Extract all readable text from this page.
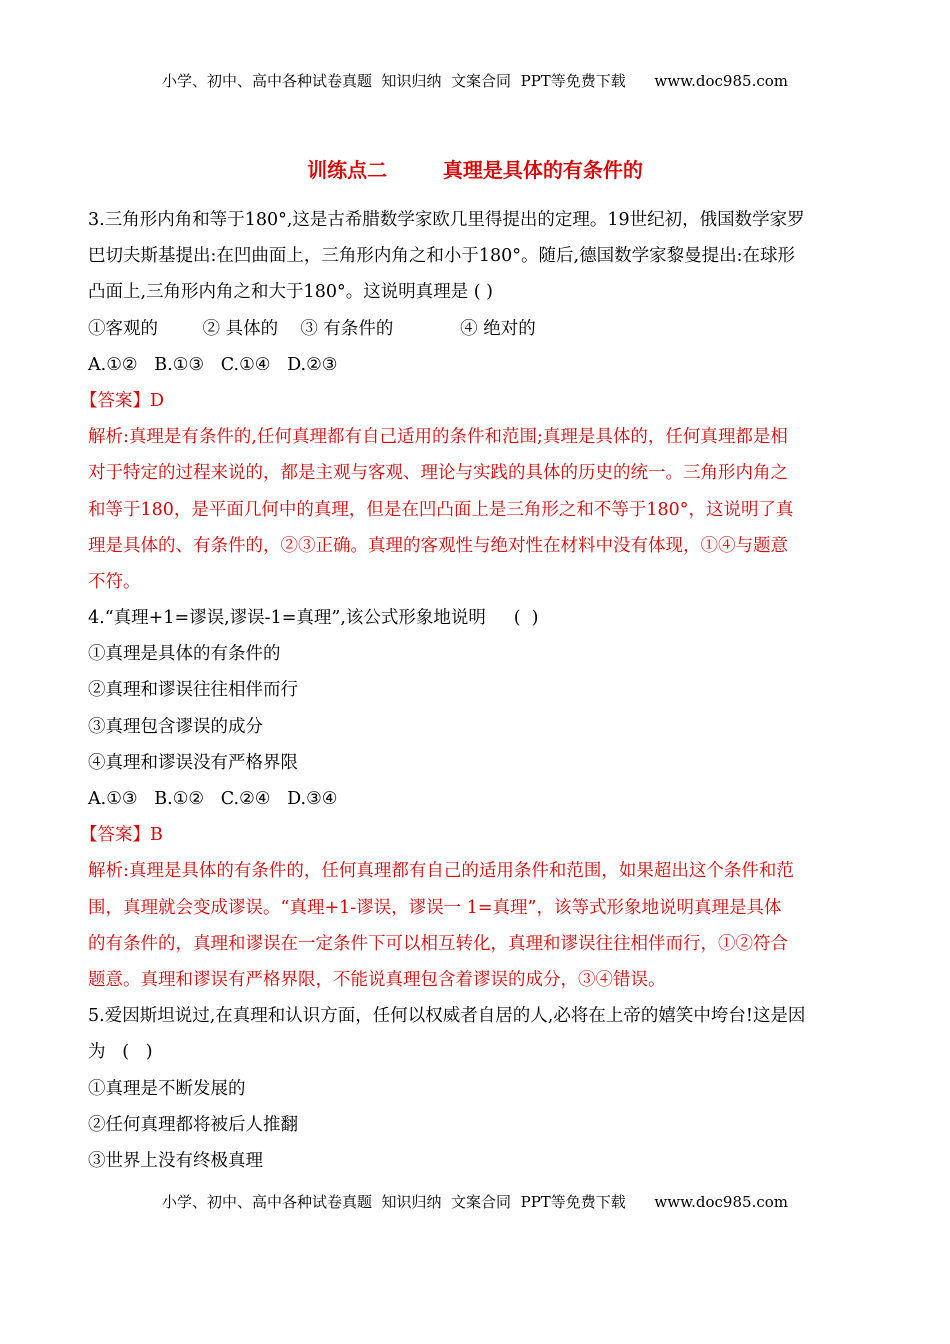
小学、初中、高中各种试卷真题  知识归纳  文案合同  PPT等免费下载      www.doc985.com
训练点二        真理是具体的有条件的
3.三角形内角和等于180°,这是古希腊数学家欧几里得提出的定理。19世纪初，俄国数学家罗
巴切夫斯基提出:在凹曲面上，三角形内角之和小于180°。随后,德国数学家黎曼提出:在球形
凸面上,三角形内角之和大于180°。这说明真理是 ( )
①客观的        ② 具体的    ③ 有条件的            ④ 绝对的
A.①②   B.①③   C.①④   D.②③
【答案】D
解析:真理是有条件的,任何真理都有自己适用的条件和范围;真理是具体的，任何真理都是相
对于特定的过程来说的，都是主观与客观、理论与实践的具体的历史的统一。三角形内角之
和等于180，是平面几何中的真理，但是在凹凸面上是三角形之和不等于180°，这说明了真
理是具体的、有条件的，②③正确。真理的客观性与绝对性在材料中没有体现，①④与题意
不符。
4.“真理+1=谬误,谬误-1=真理”,该公式形象地说明     (  )
①真理是具体的有条件的
②真理和谬误往往相伴而行
③真理包含谬误的成分
④真理和谬误没有严格界限
A.①③   B.①②   C.②④   D.③④
【答案】B
解析:真理是具体的有条件的，任何真理都有自己的适用条件和范围，如果超出这个条件和范
围，真理就会变成谬误。“真理+1-谬误，谬误一 1=真理”，该等式形象地说明真理是具体
的有条件的，真理和谬误在一定条件下可以相互转化，真理和谬误往往相伴而行，①②符合
题意。真理和谬误有严格界限，不能说真理包含着谬误的成分，③④错误。
5.爱因斯坦说过,在真理和认识方面，任何以权威者自居的人,必将在上帝的嬉笑中垮台!这是因
为   (   )
①真理是不断发展的
②任何真理都将被后人推翻
③世界上没有终极真理
小学、初中、高中各种试卷真题  知识归纳  文案合同  PPT等免费下载      www.doc985.com
